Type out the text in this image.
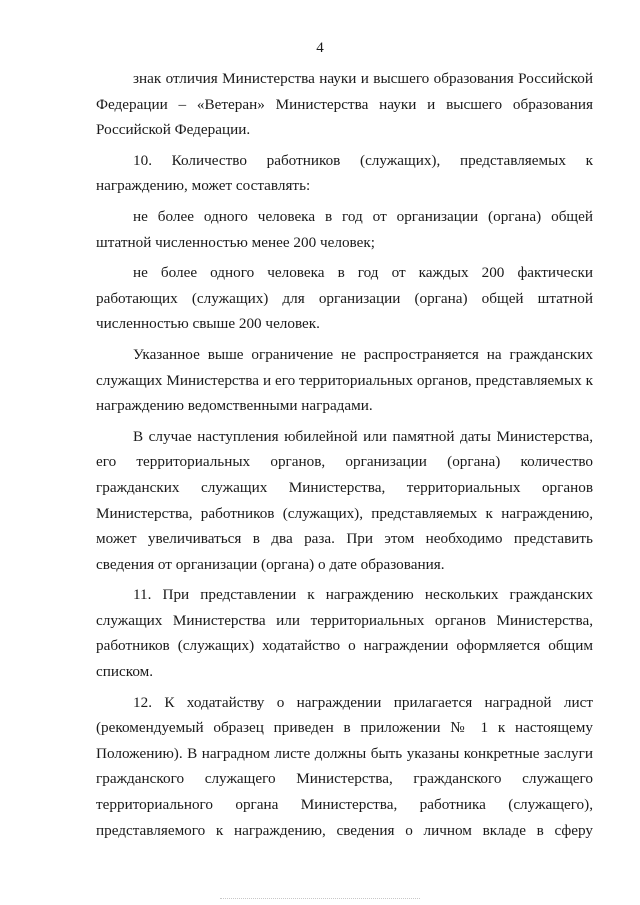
4

знак отличия Министерства науки и высшего образования Российской Федерации – «Ветеран» Министерства науки и высшего образования Российской Федерации.

10. Количество работников (служащих), представляемых к награждению, может составлять:

не более одного человека в год от организации (органа) общей штатной численностью менее 200 человек;

не более одного человека в год от каждых 200 фактически работающих (служащих) для организации (органа) общей штатной численностью свыше 200 человек.

Указанное выше ограничение не распространяется на гражданских служащих Министерства и его территориальных органов, представляемых к награждению ведомственными наградами.

В случае наступления юбилейной или памятной даты Министерства, его территориальных органов, организации (органа) количество гражданских служащих Министерства, территориальных органов Министерства, работников (служащих), представляемых к награждению, может увеличиваться в два раза. При этом необходимо представить сведения от организации (органа) о дате образования.

11. При представлении к награждению нескольких гражданских служащих Министерства или территориальных органов Министерства, работников (служащих) ходатайство о награждении оформляется общим списком.

12. К ходатайству о награждении прилагается наградной лист (рекомендуемый образец приведен в приложении № 1 к настоящему Положению). В наградном листе должны быть указаны конкретные заслуги гражданского служащего Министерства, гражданского служащего территориального органа Министерства, работника (служащего), представляемого к награждению, сведения о личном вкладе в сферу
